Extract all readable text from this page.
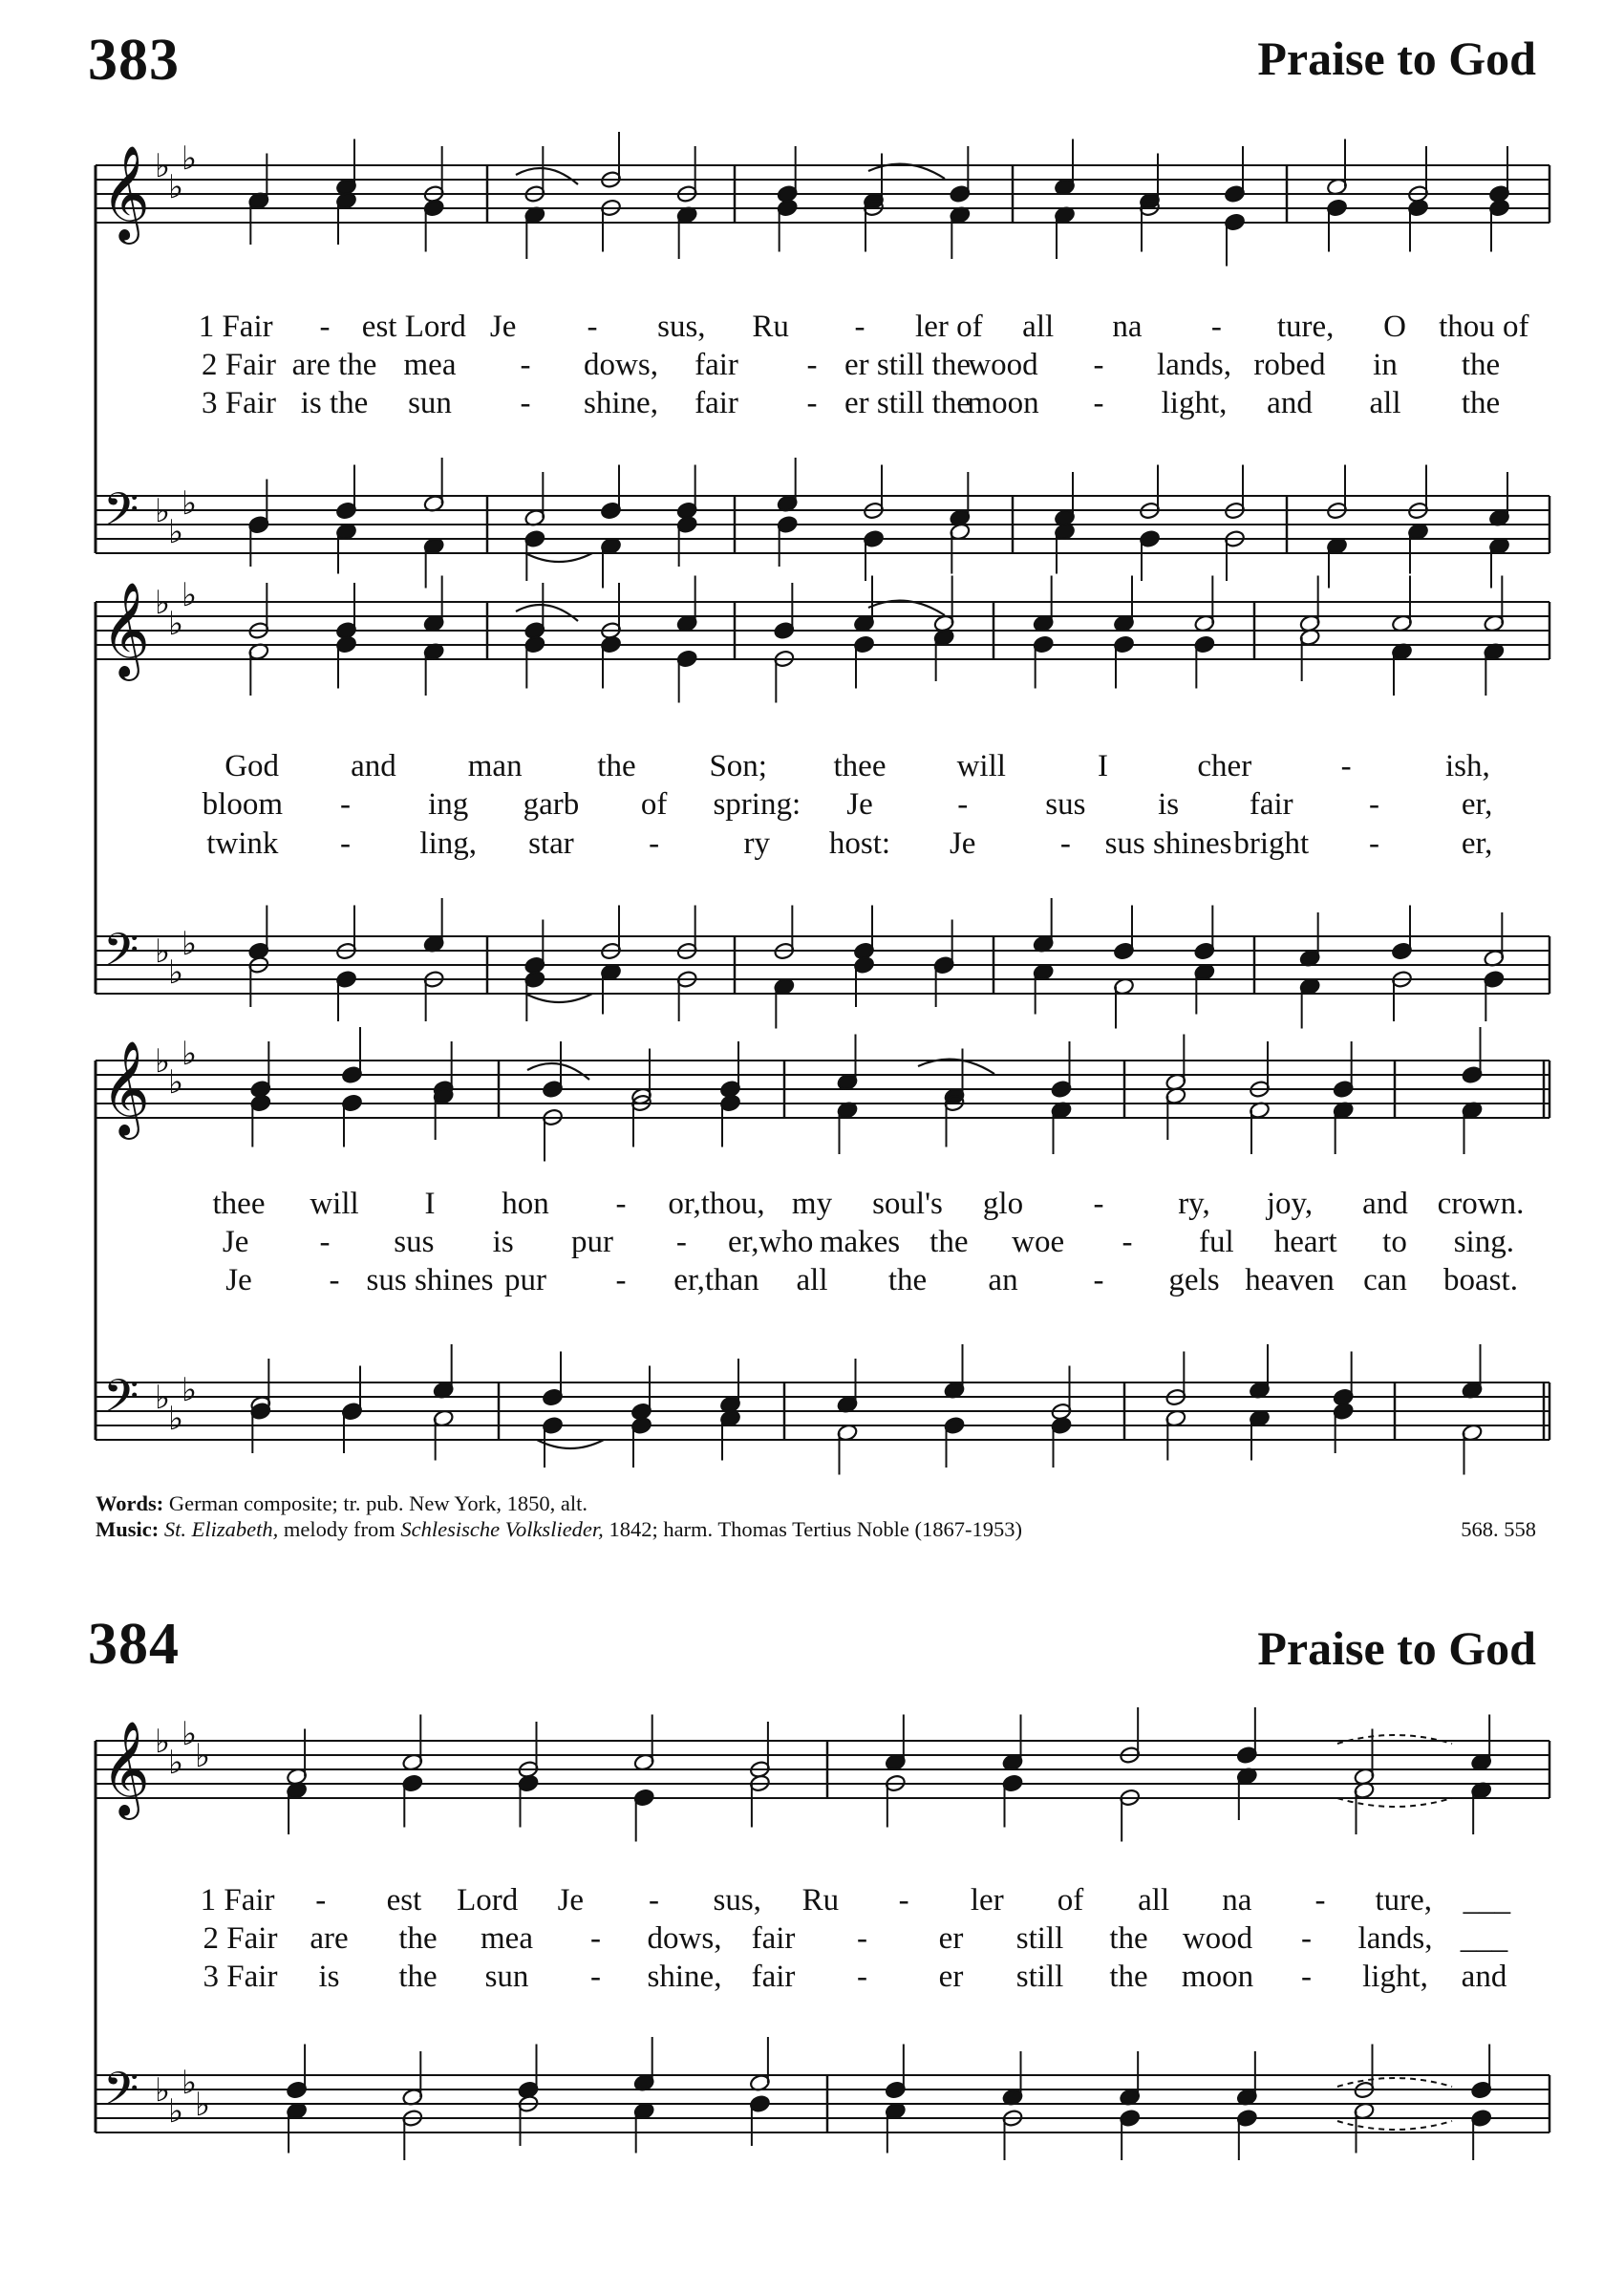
383	Praise to God
Words: German composite; tr. pub. New York, 1850, alt.
Music: St. Elizabeth, melody from Schlesische Volkslieder, 1842; harm. Thomas Tertius Noble (1867-1953)	568. 558
384	Praise to God
𝄞
𝄢
♭
♭
♭
♭
♭
♭
𝄞
𝄢
♭
♭
♭
♭
♭
♭
𝄞
𝄢
♭
♭
♭
♭
♭
♭
𝄞
𝄢
♭
♭
♭
♭
♭
♭
♭
♭
1 Fair - est Lord Je - sus, Ru - ler of all na - ture, O thou of
2 Fair are the mea - dows, fair - er still the
wood - lands, robed in the
3 Fair is the sun - shine, fair - er still the
moon - light, and all the
God and man the Son; thee will	I	cher	-	ish,
bloom - ing garb of spring: Je	- sus is fair -	er,
twink - ling, star -	ry host: Je	- sus shines bright -	er,
thee will I hon - or,thou, my soul's glo - ry, joy, and crown.
Je - sus is pur - er,who makes the woe - ful heart to sing.
Je - sus shines pur - er,than all the an - gels heaven can boast.
1 Fair - est Lord Je - sus, Ru - ler of all na - ture, ___
2 Fair are the mea - dows, fair - er still the wood - lands, ___
3 Fair is the sun - shine, fair - er still the moon - light, and
